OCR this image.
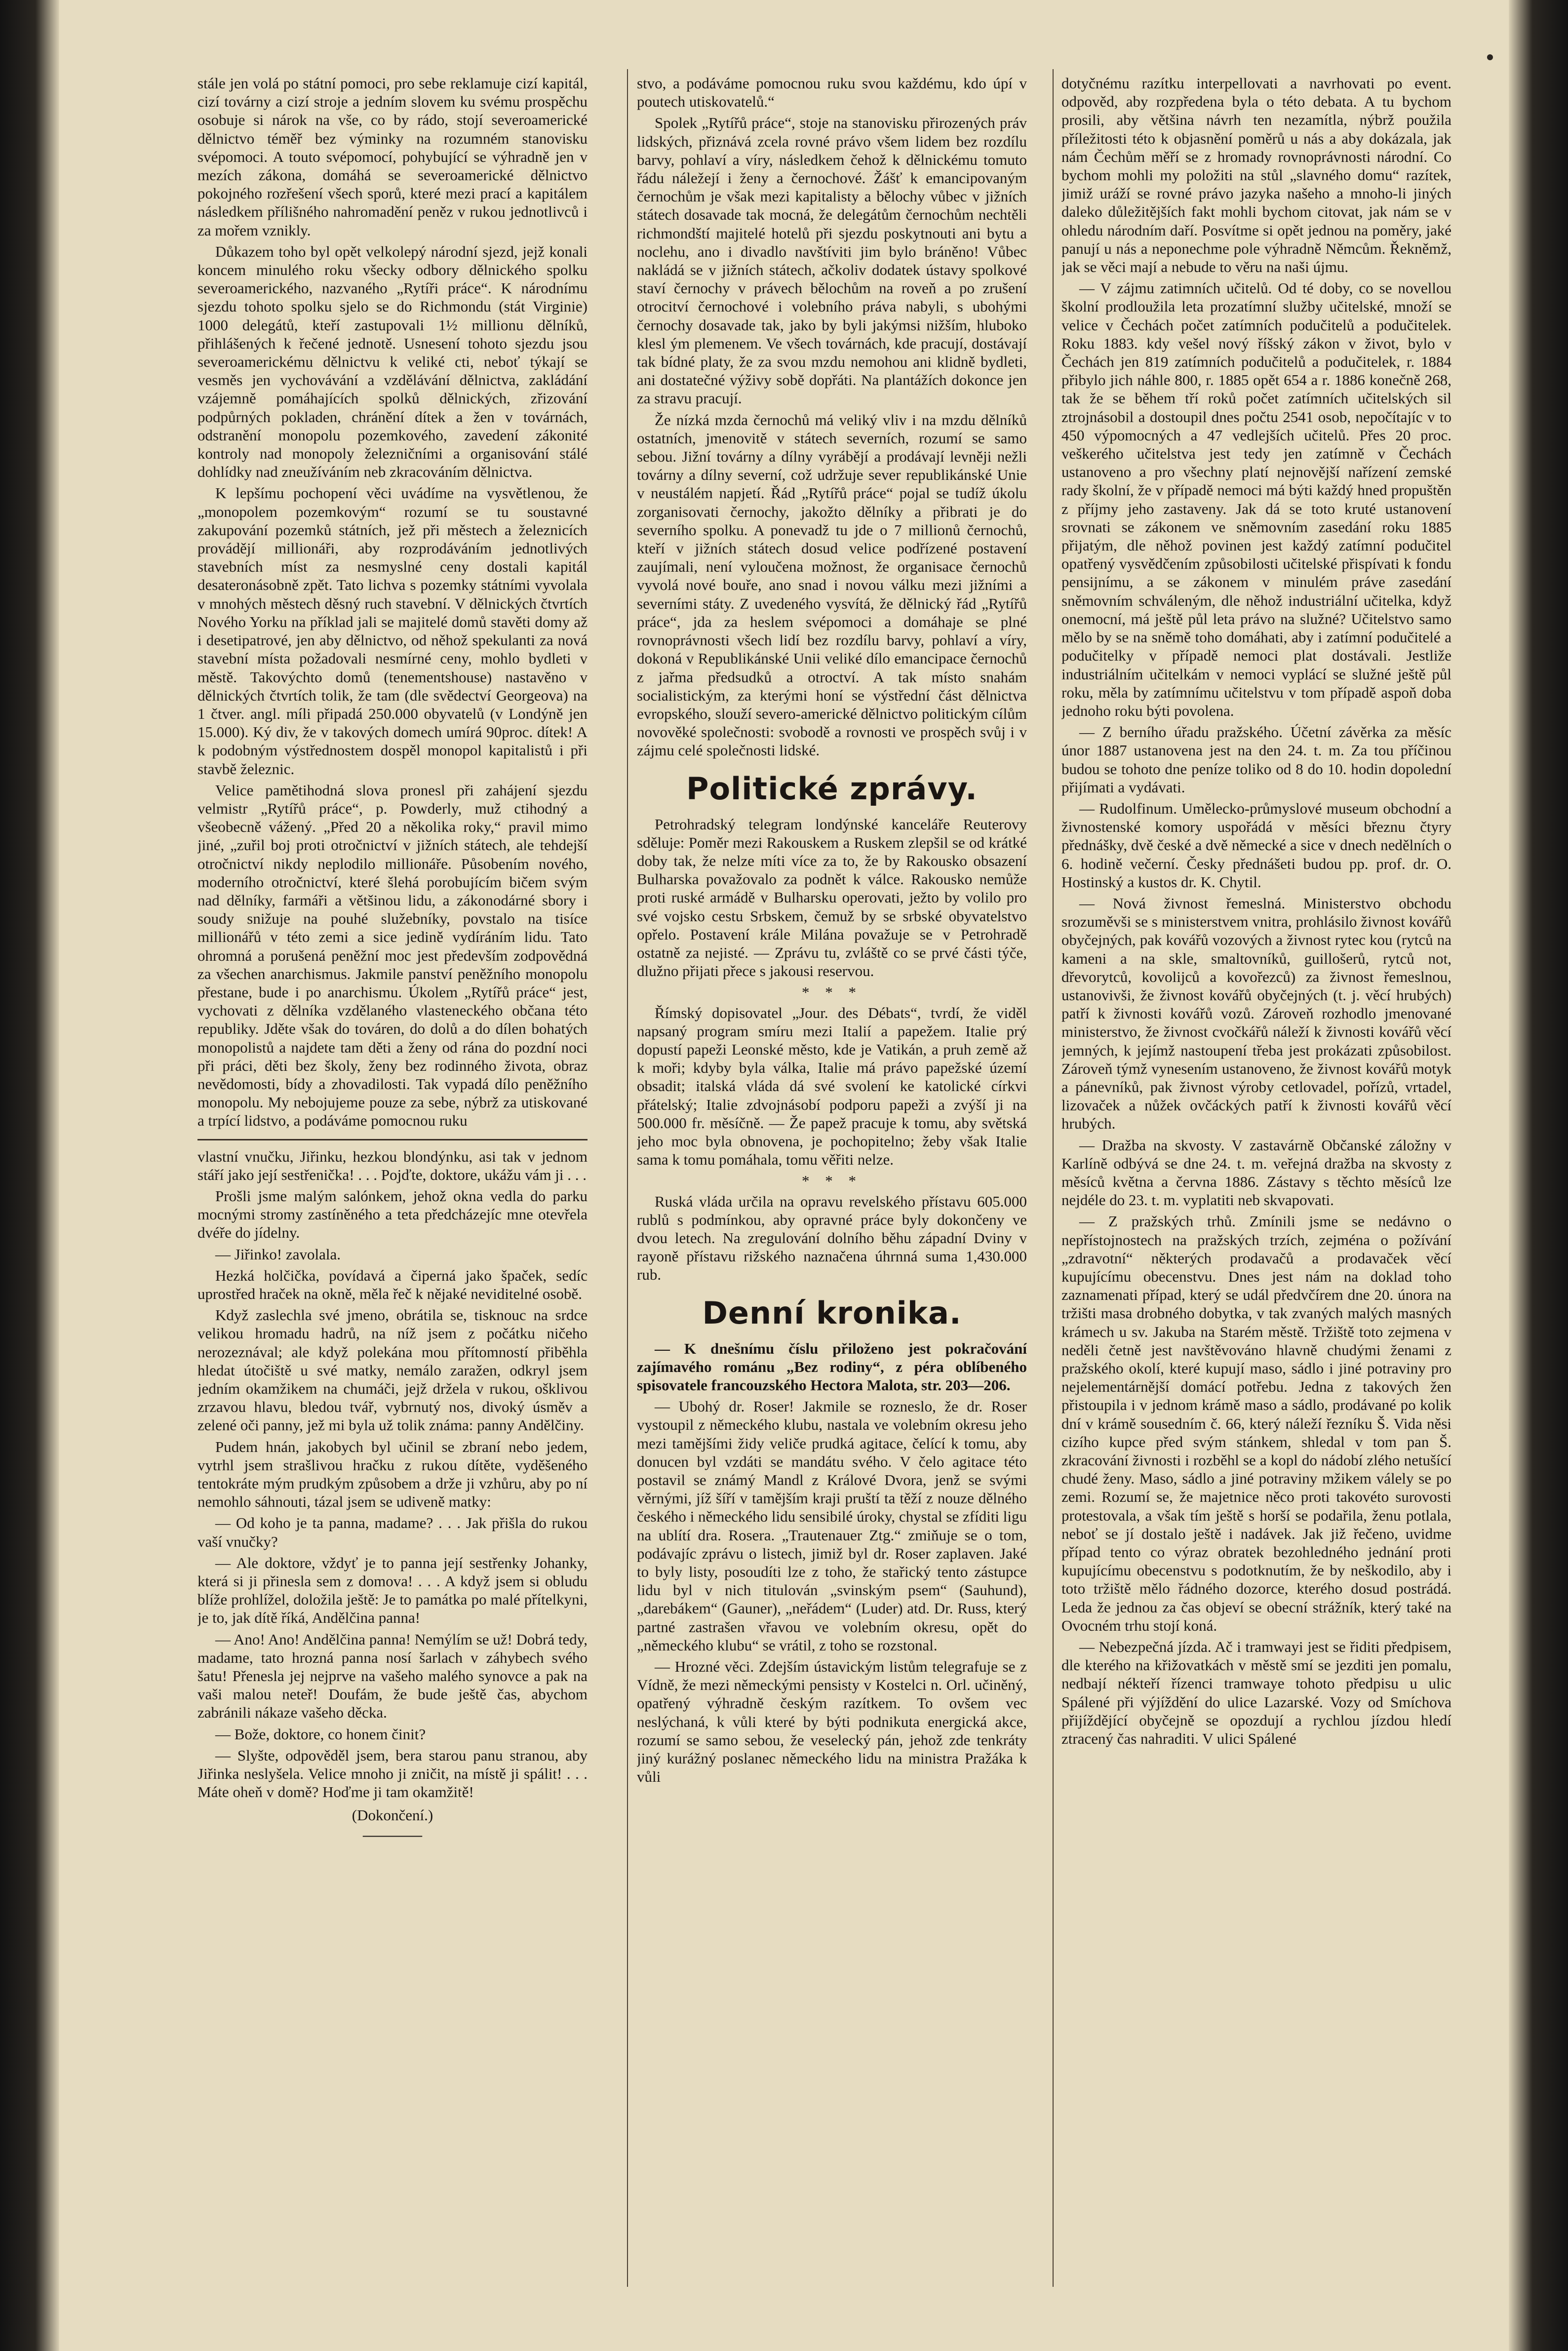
stále jen volá po státní pomoci, pro sebe reklamuje cizí kapitál, cizí továrny a cizí stroje a jedním slovem ku svému prospěchu osobuje si nárok na vše, co by rádo, stojí severoamerické dělnictvo téměř bez výminky na rozumném stanovisku svépomoci. A touto svépomocí, pohybující se výhradně jen v mezích zákona, domáhá se severoamerické dělnictvo pokojného rozřešení všech sporů, které mezi prací a kapitálem následkem přílišného nahromadění peněz v rukou jednotlivců i za mořem vznikly.

Důkazem toho byl opět velkolepý národní sjezd, jejž konali koncem minulého roku všecky odbory dělnického spolku severoamerického, nazvaného „Rytíři práce“. K národnímu sjezdu tohoto spolku sjelo se do Richmondu (stát Virginie) 1000 delegátů, kteří zastupovali 1½ millionu dělníků, přihlášených k řečené jednotě. Usnesení tohoto sjezdu jsou severoamerickému dělnictvu k veliké cti, neboť týkají se vesměs jen vychovávání a vzdělávání dělnictva, zakládání vzájemně pomáhajících spolků dělnických, zřizování podpůrných pokladen, chránění dítek a žen v továrnách, odstranění monopolu pozemkového, zavedení zákonité kontroly nad monopoly železničními a organisování stálé dohlídky nad zneužíváním neb zkracováním dělnictva.

K lepšímu pochopení věci uvádíme na vysvětlenou, že „monopolem pozemkovým“ rozumí se tu soustavné zakupování pozemků státních, jež při městech a železnicích provádějí millionáři, aby rozprodáváním jednotlivých stavebních míst za nesmyslné ceny dostali kapitál desateronásobně zpět. Tato lichva s pozemky státními vyvolala v mnohých městech děsný ruch stavební. V dělnických čtvrtích Nového Yorku na příklad jali se majitelé domů stavěti domy až i desetipatrové, jen aby dělnictvo, od něhož spekulanti za nová stavební místa požadovali nesmírné ceny, mohlo bydleti v městě. Takovýchto domů (tenementshouse) nastavěno v dělnických čtvrtích tolik, že tam (dle svědectví Georgeova) na 1 čtver. angl. míli připadá 250.000 obyvatelů (v Londýně jen 15.000). Ký div, že v takových domech umírá 90proc. dítek! A k podobným výstřednostem dospěl monopol kapitalistů i při stavbě železnic.

Velice pamětihodná slova pronesl při zahájení sjezdu velmistr „Rytířů práce“, p. Powderly, muž ctihodný a všeobecně vážený. „Před 20 a několika roky,“ pravil mimo jiné, „zuřil boj proti otročnictví v jižních státech, ale tehdejší otročnictví nikdy neplodilo millionáře. Působením nového, moderního otročnictví, které šlehá porobujícím bičem svým nad dělníky, farmáři a většinou lidu, a zákonodárné sbory i soudy snižuje na pouhé služebníky, povstalo na tisíce millionářů v této zemi a sice jedině vydíráním lidu. Tato ohromná a porušená peněžní moc jest především zodpovědná za všechen anarchismus. Jakmile panství peněžního monopolu přestane, bude i po anarchismu. Úkolem „Rytířů práce“ jest, vychovati z dělníka vzdělaného vlasteneckého občana této republiky. Jděte však do továren, do dolů a do dílen bohatých monopolistů a najdete tam děti a ženy od rána do pozdní noci při práci, děti bez školy, ženy bez rodinného života, obraz nevědomosti, bídy a zhovadilosti. Tak vypadá dílo peněžního monopolu. My nebojujeme pouze za sebe, nýbrž za utiskované a trpící lidstvo, a podáváme pomocnou ruku

vlastní vnučku, Jiřinku, hezkou blondýnku, asi tak v jednom stáří jako její sestřenička! . . . Pojďte, doktore, ukážu vám ji . . .

Prošli jsme malým salónkem, jehož okna vedla do parku mocnými stromy zastíněného a teta předcházejíc mne otevřela dvéře do jídelny.

— Jiřinko! zavolala.

Hezká holčička, povídavá a čiperná jako špaček, sedíc uprostřed hraček na okně, měla řeč k nějaké neviditelné osobě.

Když zaslechla své jmeno, obrátila se, tisknouc na srdce velikou hromadu hadrů, na níž jsem z počátku ničeho nerozeznával; ale když polekána mou přítomností přiběhla hledat útočiště u své matky, nemálo zaražen, odkryl jsem jedním okamžikem na chumáči, jejž držela v rukou, ošklivou zrzavou hlavu, bledou tvář, vybrnutý nos, divoký úsměv a zelené oči panny, jež mi byla už tolik známa: panny Andělčiny.

Pudem hnán, jakobych byl učinil se zbraní nebo jedem, vytrhl jsem strašlivou hračku z rukou dítěte, vyděšeného tentokráte mým prudkým způsobem a drže ji vzhůru, aby po ní nemohlo sáhnouti, tázal jsem se udiveně matky:

— Od koho je ta panna, madame? . . . Jak přišla do rukou vaší vnučky?

— Ale doktore, vždyť je to panna její sestřenky Johanky, která si ji přinesla sem z domova! . . . A když jsem si obludu blíže prohlížel, doložila ještě: Je to památka po malé přítelkyni, je to, jak dítě říká, Andělčina panna!

— Ano! Ano! Andělčina panna! Nemýlím se už! Dobrá tedy, madame, tato hrozná panna nosí šarlach v záhybech svého šatu! Přenesla jej nejprve na vašeho malého synovce a pak na vaši malou neteř! Doufám, že bude ještě čas, abychom zabránili nákaze vašeho děcka.

— Bože, doktore, co honem činit?

— Slyšte, odpověděl jsem, bera starou panu stranou, aby Jiřinka neslyšela. Velice mnoho ji zničit, na místě ji spálit! . . . Máte oheň v domě? Hoďme ji tam okamžitě!

(Dokončení.)
———

stvo, a podáváme pomocnou ruku svou každému, kdo úpí v poutech utiskovatelů.“

Spolek „Rytířů práce“, stoje na stanovisku přirozených práv lidských, přiznává zcela rovné právo všem lidem bez rozdílu barvy, pohlaví a víry, následkem čehož k dělnickému tomuto řádu náležejí i ženy a černochové. Žášť k emancipovaným černochům je však mezi kapitalisty a bělochy vůbec v jižních státech dosavade tak mocná, že delegátům černochům nechtěli richmondští majitelé hotelů při sjezdu poskytnouti ani bytu a noclehu, ano i divadlo navštíviti jim bylo bráněno! Vůbec nakládá se v jižních státech, ačkoliv dodatek ústavy spolkové staví černochy v právech bělochům na roveň a po zrušení otrocitví černochové i volebního práva nabyli, s ubohými černochy dosavade tak, jako by byli jakýmsi nižším, hluboko klesl ým plemenem. Ve všech továrnách, kde pracují, dostávají tak bídné platy, že za svou mzdu nemohou ani klidně bydleti, ani dostatečné výživy sobě dopřáti. Na plantážích dokonce jen za stravu pracují.

Že nízká mzda černochů má veliký vliv i na mzdu dělníků ostatních, jmenovitě v státech severních, rozumí se samo sebou. Jižní továrny a dílny vyrábějí a prodávají levněji nežli továrny a dílny severní, což udržuje sever republikánské Unie v neustálém napjetí. Řád „Rytířů práce“ pojal se tudíž úkolu zorganisovati černochy, jakožto dělníky a přibrati je do severního spolku. A ponevadž tu jde o 7 millionů černochů, kteří v jižních státech dosud velice podřízené postavení zaujímali, není vyloučena možnost, že organisace černochů vyvolá nové bouře, ano snad i novou válku mezi jižními a severními státy. Z uvedeného vysvítá, že dělnický řád „Rytířů práce“, jda za heslem svépomoci a domáhaje se plné rovnoprávnosti všech lidí bez rozdílu barvy, pohlaví a víry, dokoná v Republikánské Unii veliké dílo emancipace černochů z jařma předsudků a otroctví. A tak místo snahám socialistickým, za kterými honí se výstřední část dělnictva evropského, slouží severo-americké dělnictvo politickým cílům novověké společnosti: svobodě a rovnosti ve prospěch svůj i v zájmu celé společnosti lidské.

Politické zprávy.

Petrohradský telegram londýnské kanceláře Reuterovy sděluje: Poměr mezi Rakouskem a Ruskem zlepšil se od krátké doby tak, že nelze míti více za to, že by Rakousko obsazení Bulharska považovalo za podnět k válce. Rakousko nemůže proti ruské armádě v Bulharsku operovati, ježto by volilo pro své vojsko cestu Srbskem, čemuž by se srbské obyvatelstvo opřelo. Postavení krále Milána považuje se v Petrohradě ostatně za nejisté. — Zprávu tu, zvláště co se prvé části týče, dlužno přijati přece s jakousi reservou.

* * *

Římský dopisovatel „Jour. des Débats“, tvrdí, že viděl napsaný program smíru mezi Italií a papežem. Italie prý dopustí papeži Leonské město, kde je Vatikán, a pruh země až k moři; kdyby byla válka, Italie má právo papežské území obsadit; italská vláda dá své svolení ke katolické církvi přátelský; Italie zdvojnásobí podporu papeži a zvýší ji na 500.000 fr. měsíčně. — Že papež pracuje k tomu, aby světská jeho moc byla obnovena, je pochopitelno; žeby však Italie sama k tomu pomáhala, tomu věřiti nelze.

* * *

Ruská vláda určila na opravu revelského přístavu 605.000 rublů s podmínkou, aby opravné práce byly dokončeny ve dvou letech. Na zregulování dolního běhu západní Dviny v rayoně přístavu rižského naznačena úhrnná suma 1,430.000 rub.

Denní kronika.

— K dnešnímu číslu přiloženo jest pokračování zajímavého románu „Bez rodiny“, z péra oblíbeného spisovatele francouzského Hectora Malota, str. 203—206.

— Ubohý dr. Roser! Jakmile se rozneslo, že dr. Roser vystoupil z německého klubu, nastala ve volebním okresu jeho mezi tamějšími židy veliče prudká agitace, čelící k tomu, aby donucen byl vzdáti se mandátu svého. V čelo agitace této postavil se známý Mandl z Králové Dvora, jenž se svými věrnými, jíž šíří v tamějším kraji pruští ta těží z nouze dělného českého i německého lidu sensibilé úroky, chystal se zfíditi ligu na ublítí dra. Rosera. „Trautenauer Ztg.“ zmiňuje se o tom, podávajíc zprávu o listech, jimiž byl dr. Roser zaplaven. Jaké to byly listy, posoudíti lze z toho, že stařický tento zástupce lidu byl v nich titulován „svinským psem“ (Sauhund), „darebákem“ (Gauner), „neřádem“ (Luder) atd. Dr. Russ, který partné zastrašen vřavou ve volebním okresu, opět do „německého klubu“ se vrátil, z toho se rozstonal.

— Hrozné věci. Zdejším ústavickým listům telegrafuje se z Vídně, že mezi německými pensisty v Kostelci n. Orl. učiněný, opatřený výhradně českým razítkem. To ovšem vec neslýchaná, k vůli které by býti podnikuta energická akce, rozumí se samo sebou, že veselecký pán, jehož zde tenkráty jiný kurážný poslanec německého lidu na ministra Pražáka k vůli

dotyčnému razítku interpellovati a navrhovati po event. odpověd, aby rozpředena byla o této debata. A tu bychom prosili, aby většina návrh ten nezamítla, nýbrž použila příležitosti této k objasnění poměrů u nás a aby dokázala, jak nám Čechům měří se z hromady rovnoprávnosti národní. Co bychom mohli my položiti na stůl „slavného domu“ razítek, jimiž uráží se rovné právo jazyka našeho a mnoho-li jiných daleko důležitějších fakt mohli bychom citovat, jak nám se v ohledu národním daří. Posvítme si opět jednou na poměry, jaké panují u nás a neponechme pole výhradně Němcům. Řekněmž, jak se věci mají a nebude to věru na naši újmu.

— V zájmu zatimních učitelů. Od té doby, co se novellou školní prodloužila leta prozatímní služby učitelské, množí se velice v Čechách počet zatímních podučitelů a podučitelek. Roku 1883. kdy vešel nový říšský zákon v život, bylo v Čechách jen 819 zatímních podučitelů a podučitelek, r. 1884 přibylo jich náhle 800, r. 1885 opět 654 a r. 1886 konečně 268, tak že se během tří roků počet zatímních učitelských sil ztrojnásobil a dostoupil dnes počtu 2541 osob, nepočítajíc v to 450 výpomocných a 47 vedlejších učitelů. Přes 20 proc. veškerého učitelstva jest tedy jen zatímně v Čechách ustanoveno a pro všechny platí nejnovější nařízení zemské rady školní, že v případě nemoci má býti každý hned propuštěn z příjmy jeho zastaveny. Jak dá se toto kruté ustanovení srovnati se zákonem ve sněmovním zasedání roku 1885 přijatým, dle něhož povinen jest každý zatímní podučitel opatřený vysvědčením způsobilosti učitelské přispívati k fondu pensijnímu, a se zákonem v minulém práve zasedání sněmovním schváleným, dle něhož industriální učitelka, když onemocní, má ještě půl leta právo na služné? Učitelstvo samo mělo by se na sněmě toho domáhati, aby i zatímní podučitelé a podučitelky v případě nemoci plat dostávali. Jestliže industriálním učitelkám v nemoci vyplácí se služné ještě půl roku, měla by zatímnímu učitelstvu v tom případě aspoň doba jednoho roku býti povolena.

— Z berního úřadu pražského. Účetní závěrka za měsíc únor 1887 ustanovena jest na den 24. t. m. Za tou příčinou budou se tohoto dne peníze toliko od 8 do 10. hodin dopolední přijímati a vydávati.

— Rudolfinum. Umělecko-průmyslové museum obchodní a živnostenské komory uspořádá v měsíci březnu čtyry přednášky, dvě české a dvě německé a sice v dnech nedělních o 6. hodině večerní. Česky přednášeti budou pp. prof. dr. O. Hostinský a kustos dr. K. Chytil.

— Nová živnost řemeslná. Ministerstvo obchodu srozuměvši se s ministerstvem vnitra, prohlásilo živnost kovářů obyčejných, pak kovářů vozových a živnost rytec kou (rytců na kameni a na skle, smaltovníků, guillošerů, rytců not, dřevorytců, kovolijců a kovořezců) za živnost řemeslnou, ustanovivši, že živnost kovářů obyčejných (t. j. věcí hrubých) patří k živnosti kovářů vozů. Zároveň rozhodlo jmenované ministerstvo, že živnost cvočkářů náleží k živnosti kovářů věcí jemných, k jejímž nastoupení třeba jest prokázati způsobilost. Zároveň týmž vynesením ustanoveno, že živnost kovářů motyk a pánevníků, pak živnost výroby cetlovadel, pořízů, vrtadel, lizovaček a nůžek ovčáckých patří k živnosti kovářů věcí hrubých.

— Dražba na skvosty. V zastavárně Občanské záložny v Karlíně odbývá se dne 24. t. m. veřejná dražba na skvosty z měsíců května a června 1886. Zástavy s těchto měsíců lze nejdéle do 23. t. m. vyplatiti neb skvapovati.

— Z pražských trhů. Zmínili jsme se nedávno o nepřístojnostech na pražských trzích, zejména o požívání „zdravotní“ některých prodavačů a prodavaček věcí kupujícímu obecenstvu. Dnes jest nám na doklad toho zaznamenati případ, který se udál předvčírem dne 20. února na tržišti masa drobného dobytka, v tak zvaných malých masných krámech u sv. Jakuba na Starém městě. Tržiště toto zejmena v neděli četně jest navštěvováno hlavně chudými ženami z pražského okolí, které kupují maso, sádlo i jiné potraviny pro nejelementárnější domácí potřebu. Jedna z takových žen přistoupila i v jednom krámě maso a sádlo, prodávané po kolik dní v krámě sousedním č. 66, který náleží řezníku Š. Vida něsi cizího kupce před svým stánkem, shledal v tom pan Š. zkracování živnosti i rozběhl se a kopl do nádobí zlého netušící chudé ženy. Maso, sádlo a jiné potraviny mžikem válely se po zemi. Rozumí se, že majetnice něco proti takovéto surovosti protestovala, a však tím ještě s horší se podařila, ženu potlala, neboť se jí dostalo ještě i nadávek. Jak již řečeno, uvidme případ tento co výraz obratek bezohledného jednání proti kupujícímu obecenstvu s podotknutím, že by neškodilo, aby i toto tržiště mělo řádného dozorce, kterého dosud postrádá. Leda že jednou za čas objeví se obecní strážník, který také na Ovocném trhu stojí koná.

— Nebezpečná jízda. Ač i tramwayi jest se řiditi předpisem, dle kterého na křižovatkách v městě smí se jezditi jen pomalu, nedbají nékteří řízenci tramwaye tohoto předpisu u ulic Spálené při výjíždění do ulice Lazarské. Vozy od Smíchova přijíždějící obyčejně se opozdují a rychlou jízdou hledí ztracený čas nahraditi. V ulici Spálené
